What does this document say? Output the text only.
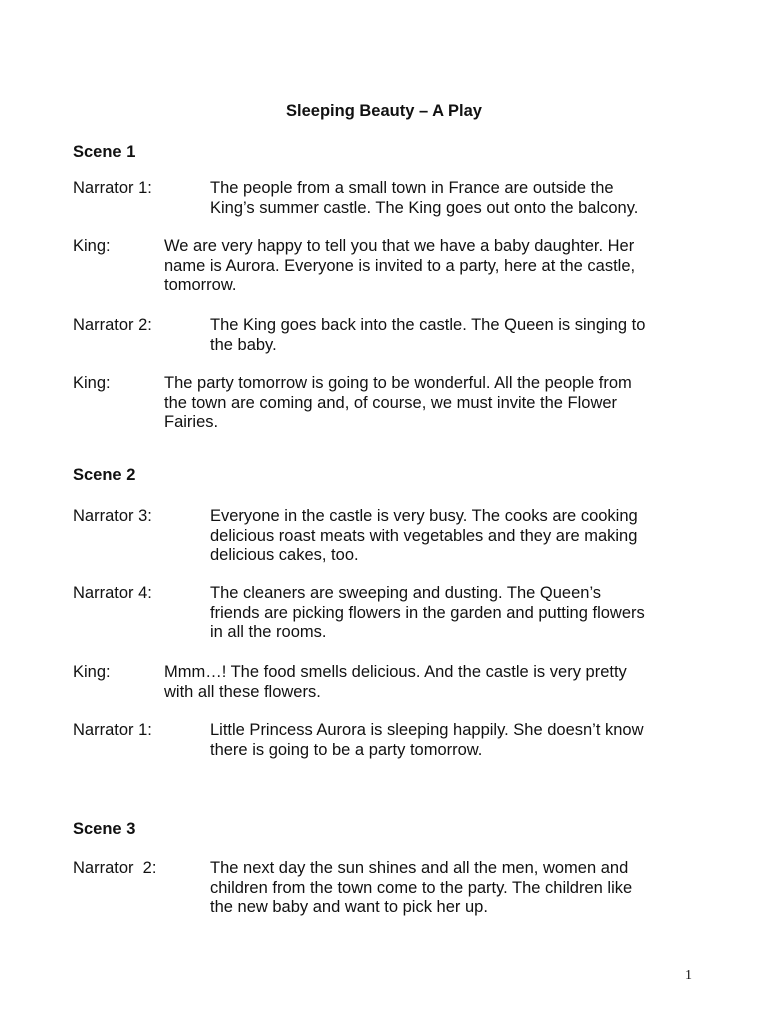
Sleeping Beauty – A Play
Scene 1
Narrator 1:	The people from a small town in France are outside the

King’s summer castle. The King goes out onto the balcony.

King:	We are very happy to tell you that we have a baby daughter. Her

name is Aurora. Everyone is invited to a party, here at the castle,

tomorrow.

Narrator 2:	The King goes back into the castle. The Queen is singing to

the baby.

King:	The party tomorrow is going to be wonderful. All the people from

the town are coming and, of course, we must invite the Flower

Fairies.

Scene 2
Narrator 3:	Everyone in the castle is very busy. The cooks are cooking

delicious roast meats with vegetables and they are making

delicious cakes, too.

Narrator 4:	The cleaners are sweeping and dusting. The Queen’s

friends are picking flowers in the garden and putting flowers

in all the rooms.

King:	Mmm…! The food smells delicious. And the castle is very pretty

with all these flowers.

Narrator 1:	Little Princess Aurora is sleeping happily. She doesn’t know

there is going to be a party tomorrow.

Scene 3
Narrator  2:	The next day the sun shines and all the men, women and

children from the town come to the party. The children like

the new baby and want to pick her up.

1
